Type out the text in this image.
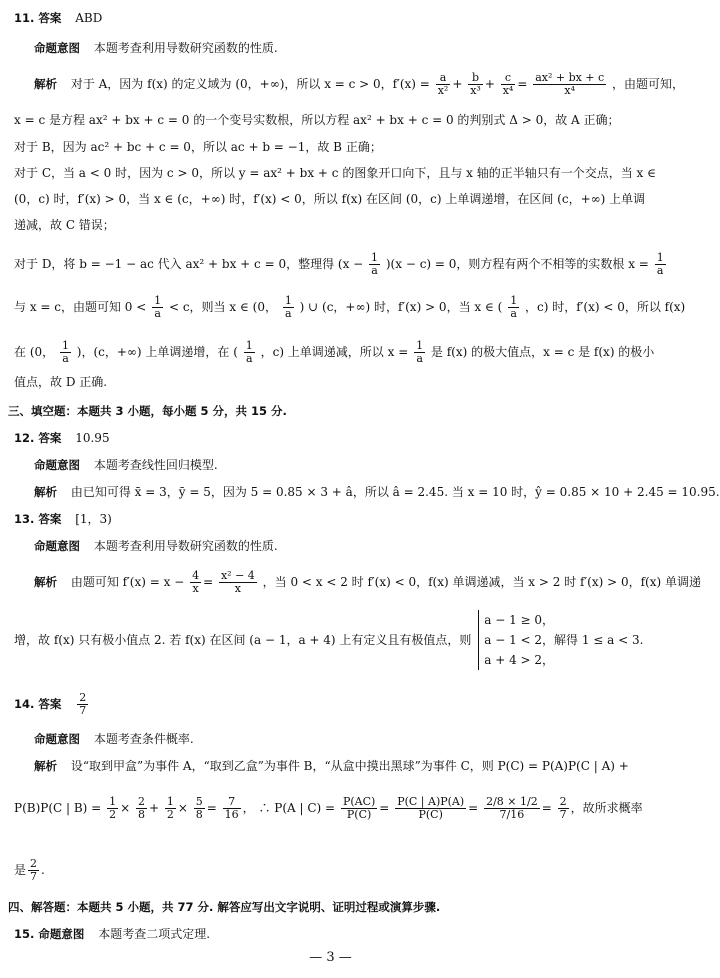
11. 答案 ABD
命题意图 本题考查利用导数研究函数的性质.
解析 对于 A，因为 f(x) 的定义域为 (0，+∞)，所以 x = c > 0，$f'(x) = \frac{a}{\text{x²}} + \frac{b}{\text{x³}} + \frac{c}{\text{x⁴}} = \frac{\text{ax² + bx + c}}{\text{x⁴}}$ ，由题可知，
x = c 是方程 ax² + bx + c = 0 的一个变号实数根，所以方程 ax² + bx + c = 0 的判别式 Δ > 0，故 A 正确；
对于 B，因为 ac² + bc + c = 0，所以 ac + b = −1，故 B 正确；
对于 C，当 a < 0 时，因为 c > 0，所以 y = ax² + bx + c 的图象开口向下，且与 x 轴的正半轴只有一个交点，当 x ∈
(0，c) 时，f′(x) > 0，当 x ∈ (c，+∞) 时，f′(x) < 0，所以 f(x) 在区间 (0，c) 上单调递增，在区间 (c，+∞) 上单调
递减，故 C 错误；
对于 D，将 b = −1 − ac 代入 ax² + bx + c = 0，整理得 $(x - \frac{1}{a} )(x - c) = 0$，则方程有两个不相等的实数根 $x = \frac{1}{a}$
与 x = c，由题可知 $0 < \frac{1}{a} < c$，则当 x ∈ (0， $\frac{1}{a}$ ) ∪ (c，+∞) 时，f′(x) > 0，当 x ∈ ( $\frac{1}{a}$ ，c) 时，f′(x) < 0，所以 f(x)
在 (0， $\frac{1}{a}$ )，(c，+∞) 上单调递增，在 ( $\frac{1}{a}$ ，c) 上单调递减，所以 $x = \frac{1}{a}$ 是 f(x) 的极大值点，x = c 是 f(x) 的极小
值点，故 D 正确.
三、填空题：本题共 3 小题，每小题 5 分，共 15 分.
12. 答案 10.95
命题意图 本题考查线性回归模型.
解析 由已知可得 x̄ = 3，ȳ = 5，因为 5 = 0.85 × 3 + â，所以 â = 2.45. 当 x = 10 时，ŷ = 0.85 × 10 + 2.45 = 10.95.
13. 答案 [1，3)
命题意图 本题考查利用导数研究函数的性质.
解析 由题可知 $f'(x) = x - \frac{4}{x} = \frac{\text{x² − 4}}{x}$ ，当 0 < x < 2 时 f′(x) < 0，f(x) 单调递减，当 x > 2 时 f′(x) > 0，f(x) 单调递
增，故 f(x) 只有极小值点 2. 若 f(x) 在区间 (a − 1，a + 4) 上有定义且有极值点，则
a − 1 ≥ 0，
a − 1 < 2，解得 1 ≤ a < 3.
a + 4 > 2，
14. 答案 $\frac{2}{7}$
命题意图 本题考查条件概率.
解析 设“取到甲盒”为事件 A，“取到乙盒”为事件 B，“从盒中摸出黑球”为事件 C，则 P(C) = P(A)P(C | A) +
P(B)P(C | $B) = \frac{1}{2} \times \frac{2}{8} + \frac{1}{2} \times \frac{5}{8} = \frac{7}{16}$ ， ∴ P(A | $C) = \frac{P(AC)}{P(C)} = \frac{P(C | A)P(A)}{P(C)} = \frac{2/8 \times 1/2}{7/16} = \frac{2}{7}$ ，故所求概率
是 $\frac{2}{7}$ .
四、解答题：本题共 5 小题，共 77 分. 解答应写出文字说明、证明过程或演算步骤.
15. 命题意图 本题考查二项式定理.
— 3 —
